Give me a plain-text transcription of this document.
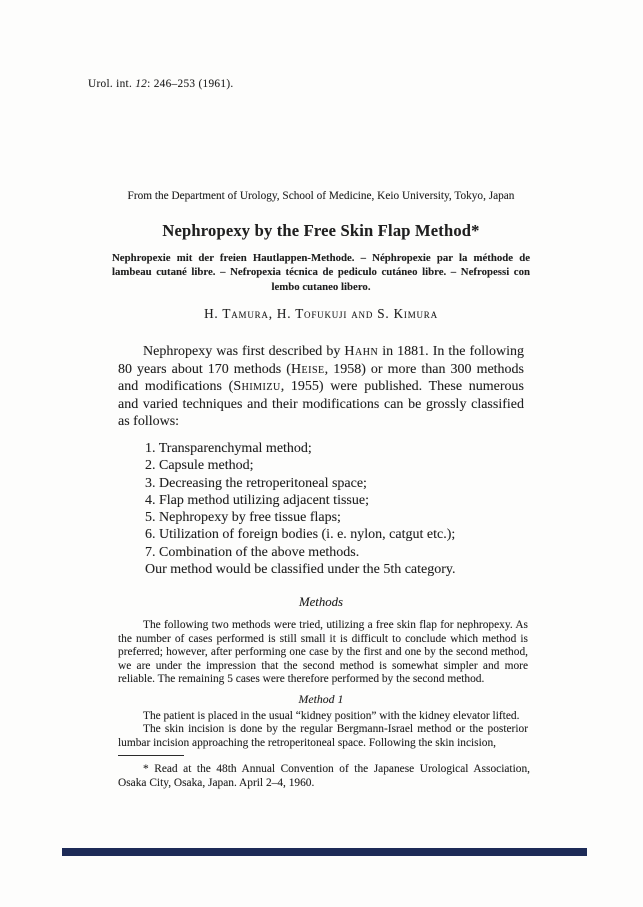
Urol. int. 12: 246–253 (1961).
From the Department of Urology, School of Medicine, Keio University, Tokyo, Japan
Nephropexy by the Free Skin Flap Method*
Nephropexie mit der freien Hautlappen-Methode. – Néphropexie par la méthode de lambeau cutané libre. – Nefropexia técnica de pediculo cutáneo libre. – Nefropessi con lembo cutaneo libero.
H. Tamura, H. Tofukuji and S. Kimura
Nephropexy was first described by Hahn in 1881. In the following 80 years about 170 methods (Heise, 1958) or more than 300 methods and modifications (Shimizu, 1955) were published. These numerous and varied techniques and their modifications can be grossly classified as follows:
1. Transparenchymal method;
2. Capsule method;
3. Decreasing the retroperitoneal space;
4. Flap method utilizing adjacent tissue;
5. Nephropexy by free tissue flaps;
6. Utilization of foreign bodies (i. e. nylon, catgut etc.);
7. Combination of the above methods.
Our method would be classified under the 5th category.
Methods
The following two methods were tried, utilizing a free skin flap for nephropexy. As the number of cases performed is still small it is difficult to conclude which method is preferred; however, after performing one case by the first and one by the second method, we are under the impression that the second method is somewhat simpler and more reliable. The remaining 5 cases were therefore performed by the second method.
Method 1
The patient is placed in the usual “kidney position” with the kidney elevator lifted.
The skin incision is done by the regular Bergmann-Israel method or the posterior lumbar incision approaching the retroperitoneal space. Following the skin incision,
* Read at the 48th Annual Convention of the Japanese Urological Association, Osaka City, Osaka, Japan. April 2–4, 1960.
